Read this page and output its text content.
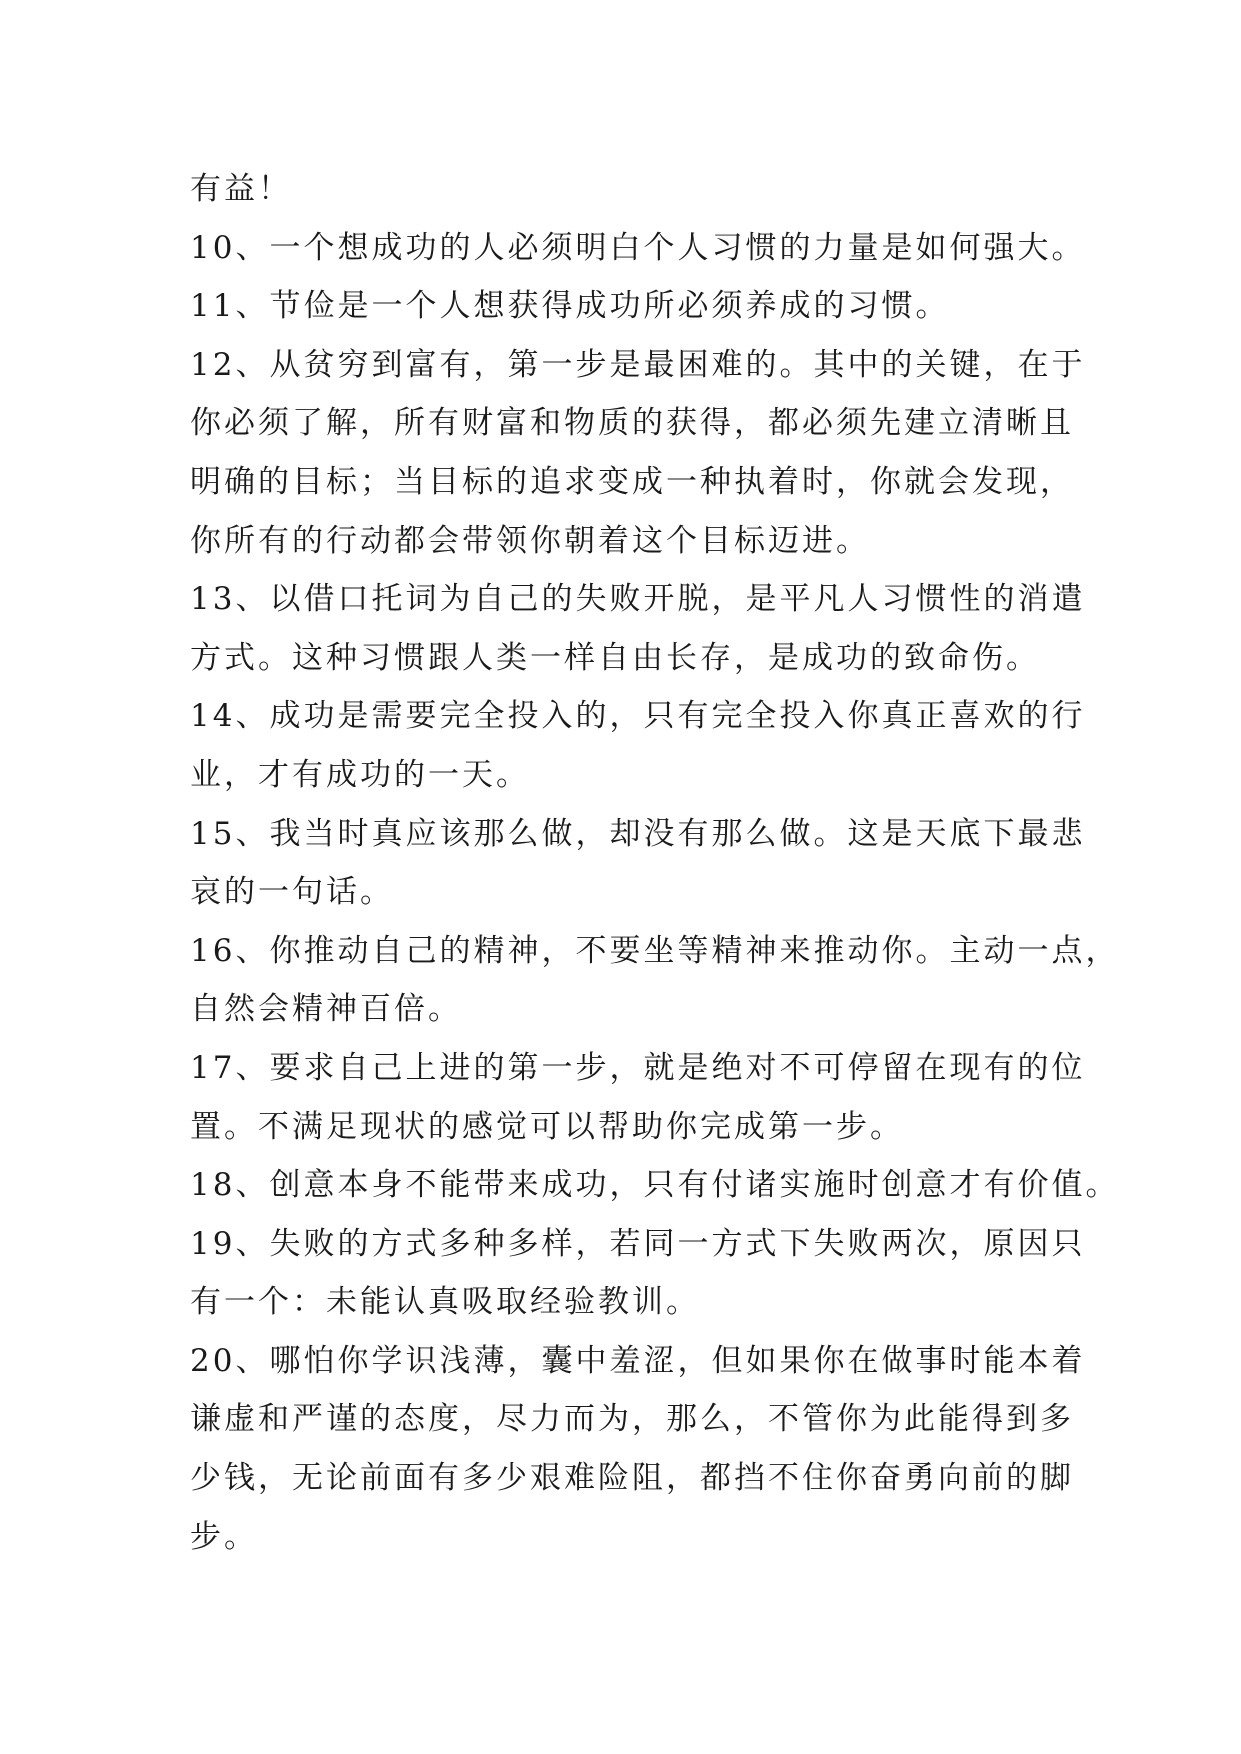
有益！
10、一个想成功的人必须明白个人习惯的力量是如何强大。
11、节俭是一个人想获得成功所必须养成的习惯。
12、从贫穷到富有，第一步是最困难的。其中的关键，在于
你必须了解，所有财富和物质的获得，都必须先建立清晰且
明确的目标；当目标的追求变成一种执着时，你就会发现，
你所有的行动都会带领你朝着这个目标迈进。
13、以借口托词为自己的失败开脱，是平凡人习惯性的消遣
方式。这种习惯跟人类一样自由长存，是成功的致命伤。
14、成功是需要完全投入的，只有完全投入你真正喜欢的行
业，才有成功的一天。
15、我当时真应该那么做，却没有那么做。这是天底下最悲
哀的一句话。
16、你推动自己的精神，不要坐等精神来推动你。主动一点，
自然会精神百倍。
17、要求自己上进的第一步，就是绝对不可停留在现有的位
置。不满足现状的感觉可以帮助你完成第一步。
18、创意本身不能带来成功，只有付诸实施时创意才有价值。
19、失败的方式多种多样，若同一方式下失败两次，原因只
有一个：未能认真吸取经验教训。
20、哪怕你学识浅薄，囊中羞涩，但如果你在做事时能本着
谦虚和严谨的态度，尽力而为，那么，不管你为此能得到多
少钱，无论前面有多少艰难险阻，都挡不住你奋勇向前的脚
步。
